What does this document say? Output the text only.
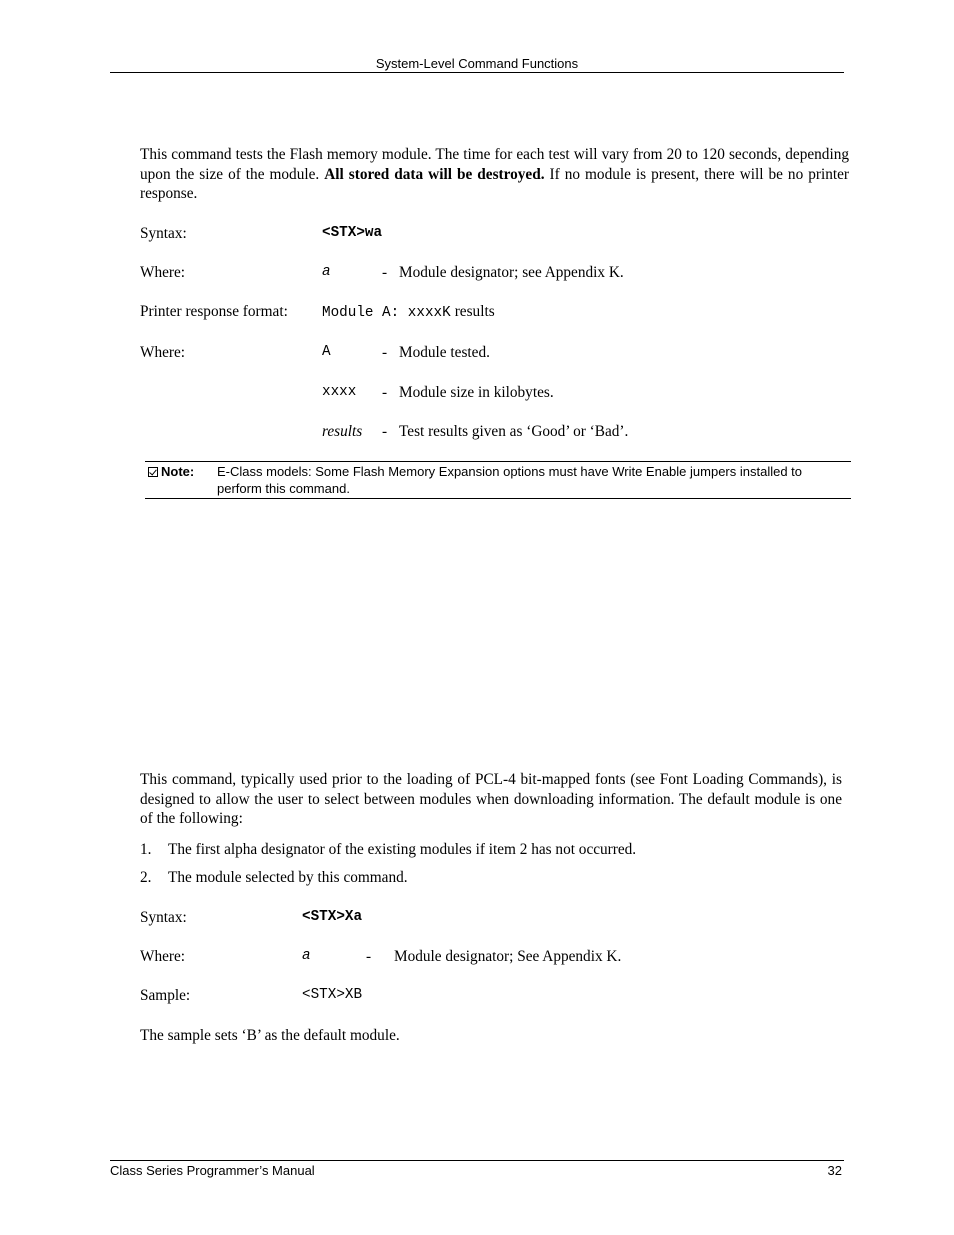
System-Level Command Functions
This command tests the Flash memory module. The time for each test will vary from 20 to 120 seconds, depending upon the size of the module. All stored data will be destroyed. If no module is present, there will be no printer response.
Syntax:	<STX>wa
Where:	a	- Module designator; see Appendix K.
Printer response format: Module A: xxxxK results
Where:	A	- Module tested.
xxxx - Module size in kilobytes.
results - Test results given as ‘Good’ or ‘Bad’.
Note: E-Class models: Some Flash Memory Expansion options must have Write Enable jumpers installed to perform this command.
This command, typically used prior to the loading of PCL-4 bit-mapped fonts (see Font Loading Commands), is designed to allow the user to select between modules when downloading information. The default module is one of the following:
1. The first alpha designator of the existing modules if item 2 has not occurred.
2. The module selected by this command.
Syntax:	<STX>Xa
Where:	a	- Module designator; See Appendix K.
Sample:	<STX>XB
The sample sets ‘B’ as the default module.
Class Series Programmer’s Manual	32
